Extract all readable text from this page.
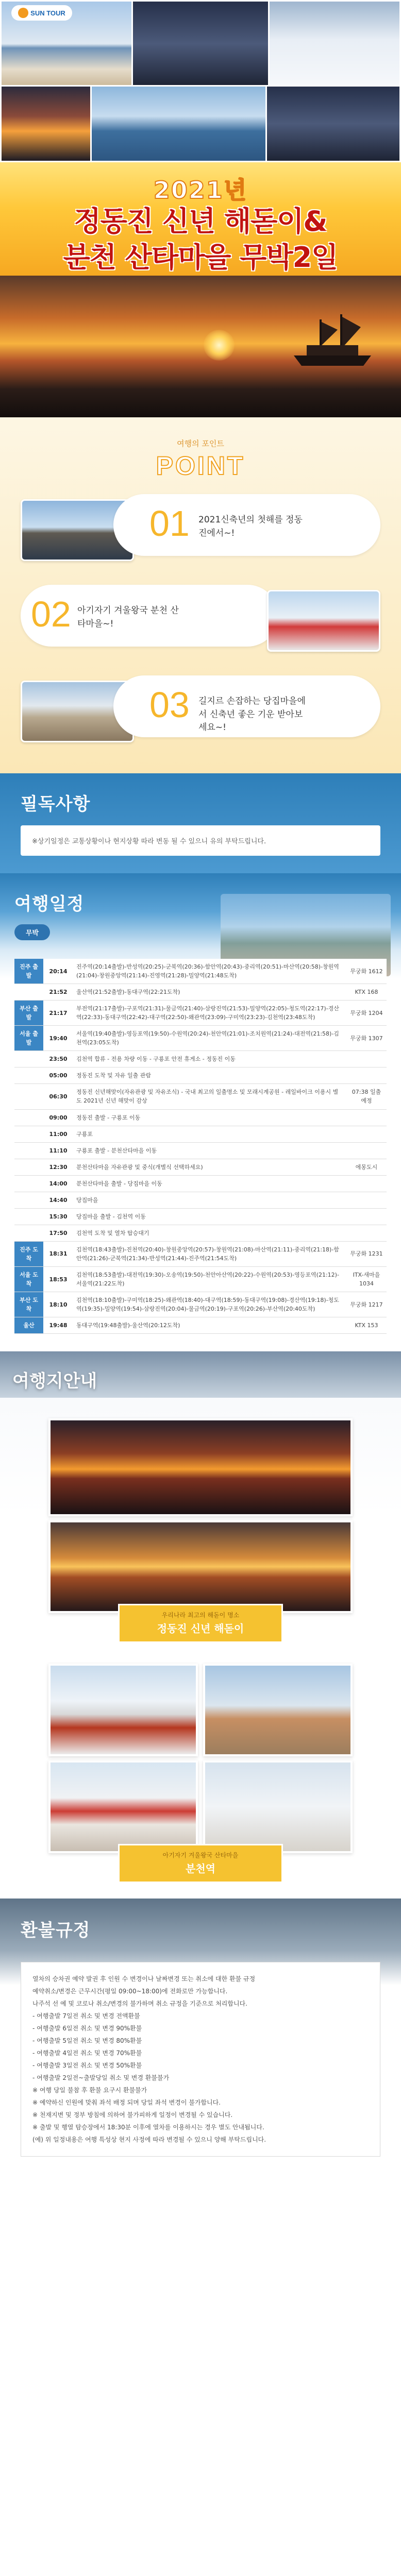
SUN TOUR
2021년
정동진 신년 해돋이&
분천 산타마을 무박2일
여행의 포인트
POINT
01 2021신축년의 첫해를 정동진에서~!
02 아기자기 겨울왕국 분천 산타마을~!
03 길지르 손잡하는 당집마을에서 신축년 좋은 기운 받아보세요~!
필독사항
※상기일정은 교통상황이나 현지상황 따라 변동 될 수 있으니 유의 부탁드립니다.
여행일정
무박
진주 출발	20:14	진주역(20:14출발)-반성역(20:25)-군북역(20:36)-함안역(20:43)-중리역(20:51)-마산역(20:58)-창원역(21:04)-창원중앙역(21:14)-진영역(21:28)-밀양역(21:48도착)	무궁화 1612
	21:52	울산역(21:52출발)-동대구역(22:21도착)	KTX 168
부산 출발	21:17	부전역(21:17출발)-구포역(21:31)-물금역(21:40)-삼랑진역(21:53)-밀양역(22:05)-청도역(22:17)-경산역(22:33)-동대구역(22:42)-대구역(22:50)-왜관역(23:09)-구미역(23:23)-김천역(23:48도착)	무궁화 1204
서울 출발	19:40	서울역(19:40출발)-영등포역(19:50)-수원역(20:24)-천안역(21:01)-조치원역(21:24)-대전역(21:58)-김천역(23:05도착)	무궁화 1307
	23:50	김천역 합류 - 전용 차량 이동 - 구룡포 안전 휴게소 - 정동진 이동	
	05:00	정동진 도착 및 자유 일출 관람	
	06:30	정동진 신년해맞이(자유관광 및 자유조식) - 국내 최고의 일출명소 및 모래시계공원 - 레일바이크 이용시 별도 2021년 신년 해맞이 감상	07:38 일출예정
	09:00	정동진 출발 - 구룡포 이동	
	11:00	구룡포	
	11:10	구룡포 출발 - 분천산타마을 이동	
	12:30	분천산타마을 자유관광 및 중식(개별식 선택하세요)	에몽도시
	14:00	분천산타마을 출발 - 당집마을 이동	
	14:40	당집마을	
	15:30	당집마을 출발 - 김천역 이동	
	17:50	김천역 도착 및 열차 탑승대기	
진주 도착	18:31	김천역(18:43출발)-진천역(20:40)-창원중앙역(20:57)-창원역(21:08)-마산역(21:11)-중리역(21:18)-함안역(21:26)-군북역(21:34)-반성역(21:44)-진주역(21:54도착)	무궁화 1231
서울 도착	18:53	김천역(18:53출발)-대전역(19:30)-오송역(19:50)-천안아산역(20:22)-수원역(20:53)-영등포역(21:12)-서울역(21:22도착)	ITX-새마을 1034
부산 도착	18:10	김천역(18:10출발)-구미역(18:25)-왜관역(18:40)-대구역(18:59)-동대구역(19:08)-경산역(19:18)-청도역(19:35)-밀양역(19:54)-삼랑진역(20:04)-물금역(20:19)-구포역(20:26)-부산역(20:40도착)	무궁화 1217
울산	19:48	동대구역(19:48출발)-울산역(20:12도착)	KTX 153
여행지안내
우리나라 최고의 해돋이 명소
정동진 신년 해돋이
아기자기 겨울왕국 산타마을
분천역
환불규정
열차의 승차권 예약 발권 후 인원 수 변경이나 날짜변경 또는 취소에 대한 환불 규정
예약취소/변경은 근무시간(평일 09:00~18:00)에 전화로만 가능합니다.
나주석 선 예 및 코로나 취소/변경의 불가하며 취소 규정을 기준으로 처리합니다.
- 여행출발 7일전 취소 및 변경 전액환불
- 여행출발 6일전 취소 및 변경 90%환불
- 여행출발 5일전 취소 및 변경 80%환불
- 여행출발 4일전 취소 및 변경 70%환불
- 여행출발 3일전 취소 및 변경 50%환불
- 여행출발 2일전~출발당일 취소 및 변경 환불불가
※ 여행 당일 불참 후 환불 요구시 환불불가
※ 예약하신 인원에 맞춰 좌석 배정 되며 당일 좌석 변경이 불가합니다.
※ 천재지변 및 정부 방침에 의하여 불가피하게 일정이 변경될 수 있습니다.
※ 출발 및 행열 탐승장에서 18:30분 이후에 열차를 이용하시는 경우 별도 안내됩니다.
(예) 위 일정내용은 여행 특성상 현지 사정에 따라 변경될 수 있으니 양해 부탁드립니다.
